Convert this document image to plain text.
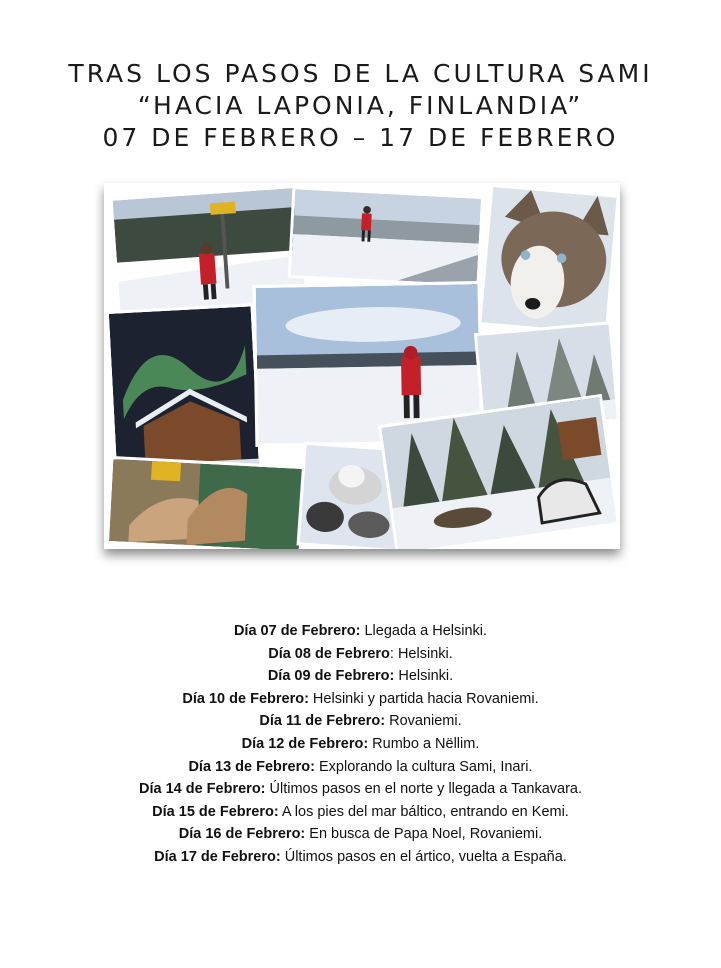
TRAS LOS PASOS DE LA CULTURA SAMI
“HACIA LAPONIA, FINLANDIA”
07 DE FEBRERO – 17 DE FEBRERO
Día 07 de Febrero: Llegada a Helsinki.
Día 08 de Febrero: Helsinki.
Día 09 de Febrero: Helsinki.
Día 10 de Febrero: Helsinki y partida hacia Rovaniemi.
Día 11 de Febrero: Rovaniemi.
Día 12 de Febrero: Rumbo a Nëllim.
Día 13 de Febrero: Explorando la cultura Sami, Inari.
Día 14 de Febrero: Últimos pasos en el norte y llegada a Tankavara.
Día 15 de Febrero: A los pies del mar báltico, entrando en Kemi.
Día 16 de Febrero: En busca de Papa Noel, Rovaniemi.
Día 17 de Febrero: Últimos pasos en el ártico, vuelta a España.
